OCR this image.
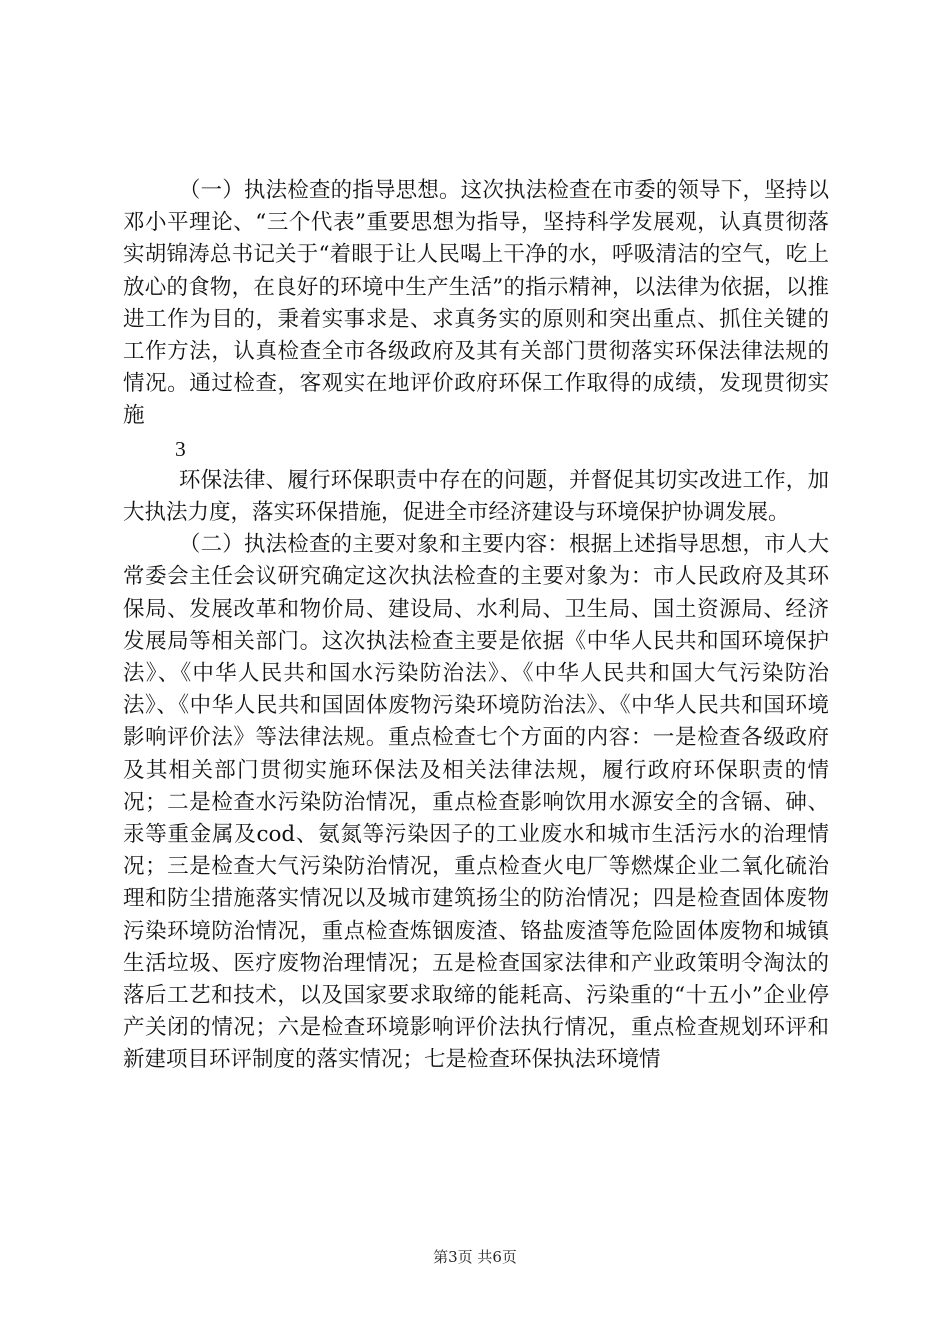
（一）执法检查的指导思想。这次执法检查在市委的领导下，坚持以邓小平理论、“三个代表”重要思想为指导，坚持科学发展观，认真贯彻落实胡锦涛总书记关于“着眼于让人民喝上干净的水，呼吸清洁的空气，吃上放心的食物，在良好的环境中生产生活”的指示精神，以法律为依据，以推进工作为目的，秉着实事求是、求真务实的原则和突出重点、抓住关键的工作方法，认真检查全市各级政府及其有关部门贯彻落实环保法律法规的情况。通过检查，客观实在地评价政府环保工作取得的成绩，发现贯彻实施

3

环保法律、履行环保职责中存在的问题，并督促其切实改进工作，加大执法力度，落实环保措施，促进全市经济建设与环境保护协调发展。

（二）执法检查的主要对象和主要内容：根据上述指导思想，市人大常委会主任会议研究确定这次执法检查的主要对象为：市人民政府及其环保局、发展改革和物价局、建设局、水利局、卫生局、国土资源局、经济发展局等相关部门。这次执法检查主要是依据《中华人民共和国环境保护法》、《中华人民共和国水污染防治法》、《中华人民共和国大气污染防治法》、《中华人民共和国固体废物污染环境防治法》、《中华人民共和国环境影响评价法》等法律法规。重点检查七个方面的内容：一是检查各级政府及其相关部门贯彻实施环保法及相关法律法规，履行政府环保职责的情况；二是检查水污染防治情况，重点检查影响饮用水源安全的含镉、砷、汞等重金属及cod、氨氮等污染因子的工业废水和城市生活污水的治理情况；三是检查大气污染防治情况，重点检查火电厂等燃煤企业二氧化硫治理和防尘措施落实情况以及城市建筑扬尘的防治情况；四是检查固体废物污染环境防治情况，重点检查炼铟废渣、铬盐废渣等危险固体废物和城镇生活垃圾、医疗废物治理情况；五是检查国家法律和产业政策明令淘汰的落后工艺和技术，以及国家要求取缔的能耗高、污染重的“十五小”企业停产关闭的情况；六是检查环境影响评价法执行情况，重点检查规划环评和新建项目环评制度的落实情况；七是检查环保执法环境情

第3页 共6页
